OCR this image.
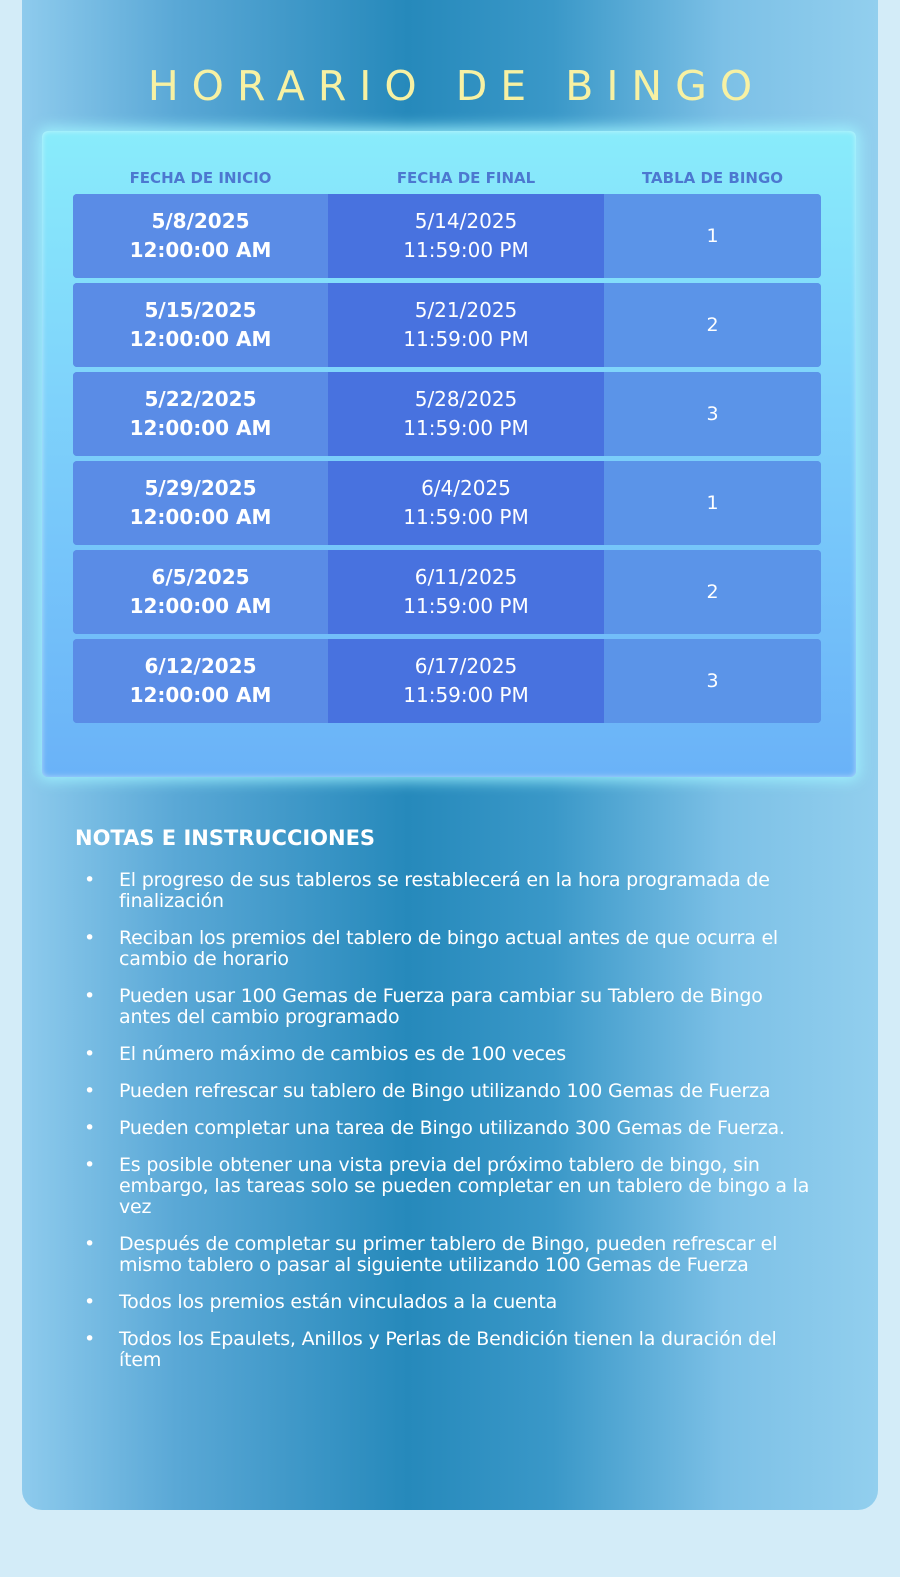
HORARIO DE BINGO
FECHA DE INICIO	FECHA DE FINAL	TABLA DE BINGO
5/8/2025
12:00:00 AM
5/14/2025
11:59:00 PM
1
5/15/2025
12:00:00 AM
5/21/2025
11:59:00 PM
2
5/22/2025
12:00:00 AM
5/28/2025
11:59:00 PM
3
5/29/2025
12:00:00 AM
6/4/2025
11:59:00 PM
1
6/5/2025
12:00:00 AM
6/11/2025
11:59:00 PM
2
6/12/2025
12:00:00 AM
6/17/2025
11:59:00 PM
3
NOTAS E INSTRUCCIONES
• El progreso de sus tableros se restablecerá en la hora programada de finalización
• Reciban los premios del tablero de bingo actual antes de que ocurra el cambio de horario
• Pueden usar 100 Gemas de Fuerza para cambiar su Tablero de Bingo antes del cambio programado
• El número máximo de cambios es de 100 veces
• Pueden refrescar su tablero de Bingo utilizando 100 Gemas de Fuerza
• Pueden completar una tarea de Bingo utilizando 300 Gemas de Fuerza.
• Es posible obtener una vista previa del próximo tablero de bingo, sin embargo, las tareas solo se pueden completar en un tablero de bingo a la vez
• Después de completar su primer tablero de Bingo, pueden refrescar el mismo tablero o pasar al siguiente utilizando 100 Gemas de Fuerza
• Todos los premios están vinculados a la cuenta
• Todos los Epaulets, Anillos y Perlas de Bendición tienen la duración del ítem
